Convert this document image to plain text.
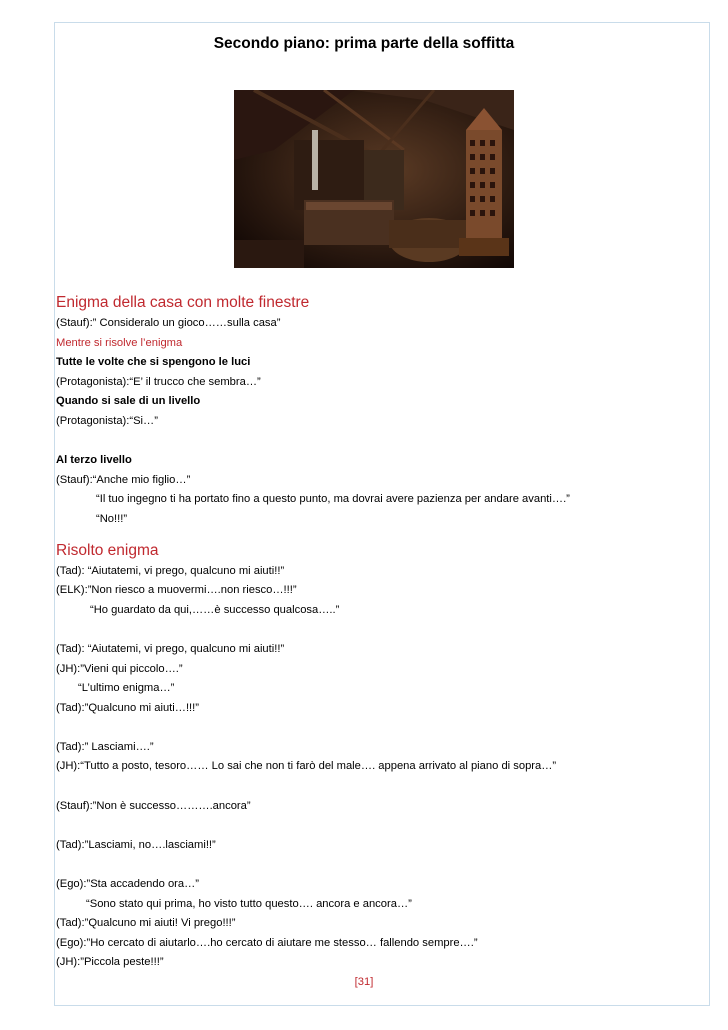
Secondo piano: prima parte della soffitta
Enigma della casa con molte finestre
(Stauf):” Consideralo un gioco……sulla casa”
Mentre si risolve l’enigma
Tutte le volte che si spengono le luci
(Protagonista):“E’ il trucco che sembra…”
Quando si sale di un livello
(Protagonista):“Si…”
Al terzo livello
(Stauf):“Anche mio figlio…”
“Il tuo ingegno ti ha portato fino a questo punto, ma dovrai avere pazienza per andare avanti….”
“No!!!”
Risolto enigma
(Tad): “Aiutatemi, vi prego, qualcuno mi aiuti!!”
(ELK):”Non riesco a muovermi….non riesco…!!!”
“Ho guardato da qui,……è successo qualcosa…..”
(Tad): “Aiutatemi, vi prego, qualcuno mi aiuti!!”
(JH):”Vieni qui piccolo….”
“L’ultimo enigma…”
(Tad):”Qualcuno mi aiuti…!!!”
(Tad):” Lasciami….”
(JH):“Tutto a posto, tesoro…… Lo sai che non ti farò del male…. appena arrivato al piano di sopra…”
(Stauf):”Non è successo……….ancora”
(Tad):”Lasciami, no….lasciami!!”
(Ego):”Sta accadendo ora…”
“Sono stato qui prima, ho visto tutto questo…. ancora e ancora…”
(Tad):”Qualcuno mi aiuti! Vi prego!!!”
(Ego):”Ho cercato di aiutarlo….ho cercato di aiutare me stesso… fallendo sempre….”
(JH):”Piccola peste!!!”
[31]
